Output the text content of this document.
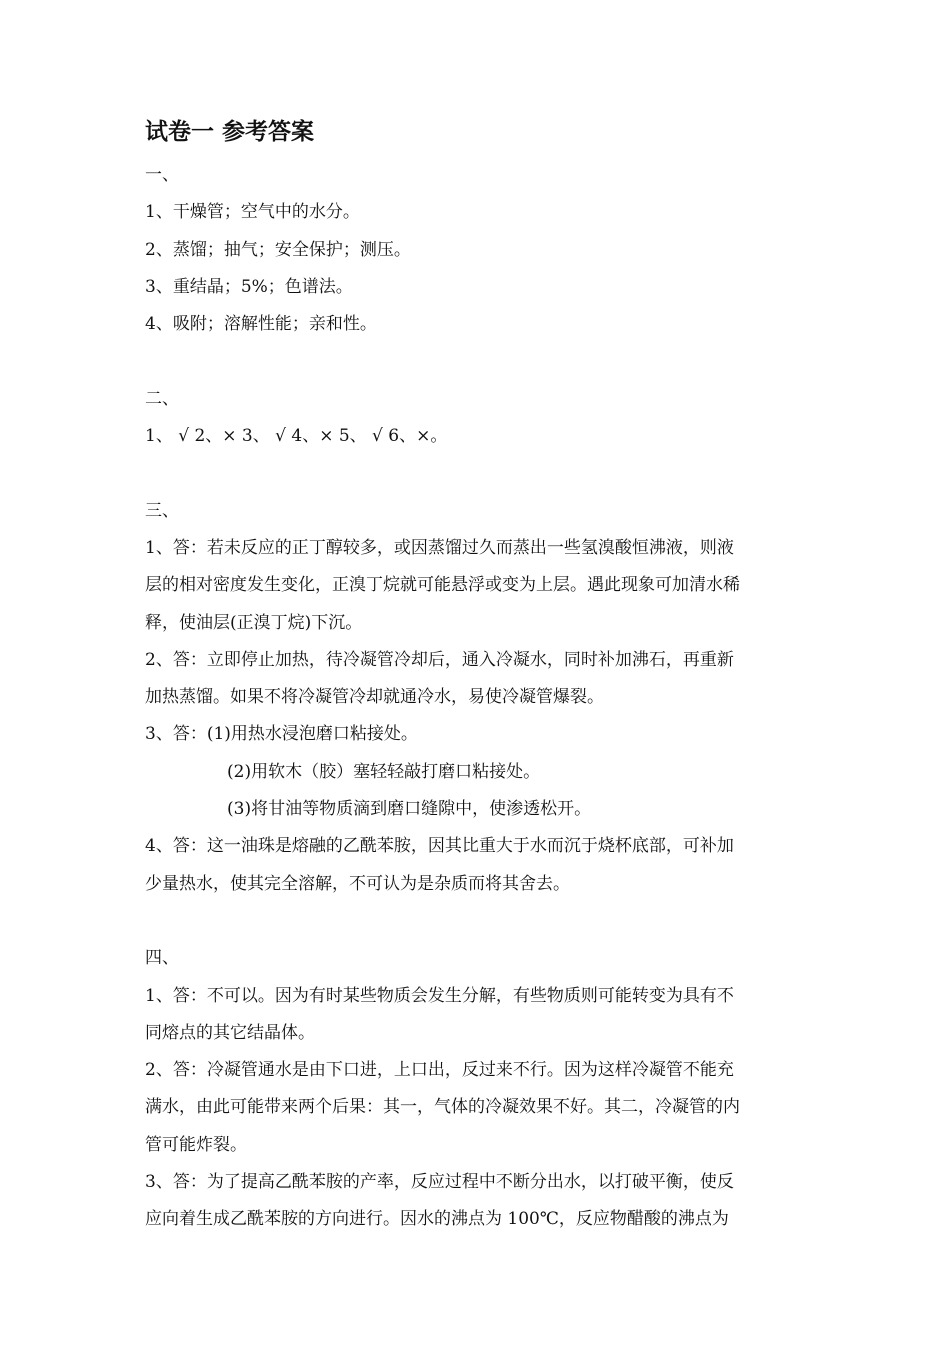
试卷一 参考答案
一、
1、干燥管；空气中的水分。
2、蒸馏；抽气；安全保护；测压。
3、重结晶；5%；色谱法。
4、吸附；溶解性能；亲和性。
二、
1、 √ 2、× 3、 √ 4、× 5、 √ 6、×。
三、
1、答：若未反应的正丁醇较多，或因蒸馏过久而蒸出一些氢溴酸恒沸液，则液
层的相对密度发生变化，正溴丁烷就可能悬浮或变为上层。遇此现象可加清水稀
释，使油层(正溴丁烷)下沉。
2、答：立即停止加热，待冷凝管冷却后，通入冷凝水，同时补加沸石，再重新
加热蒸馏。如果不将冷凝管冷却就通冷水，易使冷凝管爆裂。
3、答：(1)用热水浸泡磨口粘接处。
(2)用软木（胶）塞轻轻敲打磨口粘接处。
(3)将甘油等物质滴到磨口缝隙中，使渗透松开。
4、答：这一油珠是熔融的乙酰苯胺，因其比重大于水而沉于烧杯底部，可补加
少量热水，使其完全溶解，不可认为是杂质而将其舍去。
四、
1、答：不可以。因为有时某些物质会发生分解，有些物质则可能转变为具有不
同熔点的其它结晶体。
2、答：冷凝管通水是由下口进，上口出，反过来不行。因为这样冷凝管不能充
满水，由此可能带来两个后果：其一，气体的冷凝效果不好。其二，冷凝管的内
管可能炸裂。
3、答：为了提高乙酰苯胺的产率，反应过程中不断分出水，以打破平衡，使反
应向着生成乙酰苯胺的方向进行。因水的沸点为 100℃，反应物醋酸的沸点为
